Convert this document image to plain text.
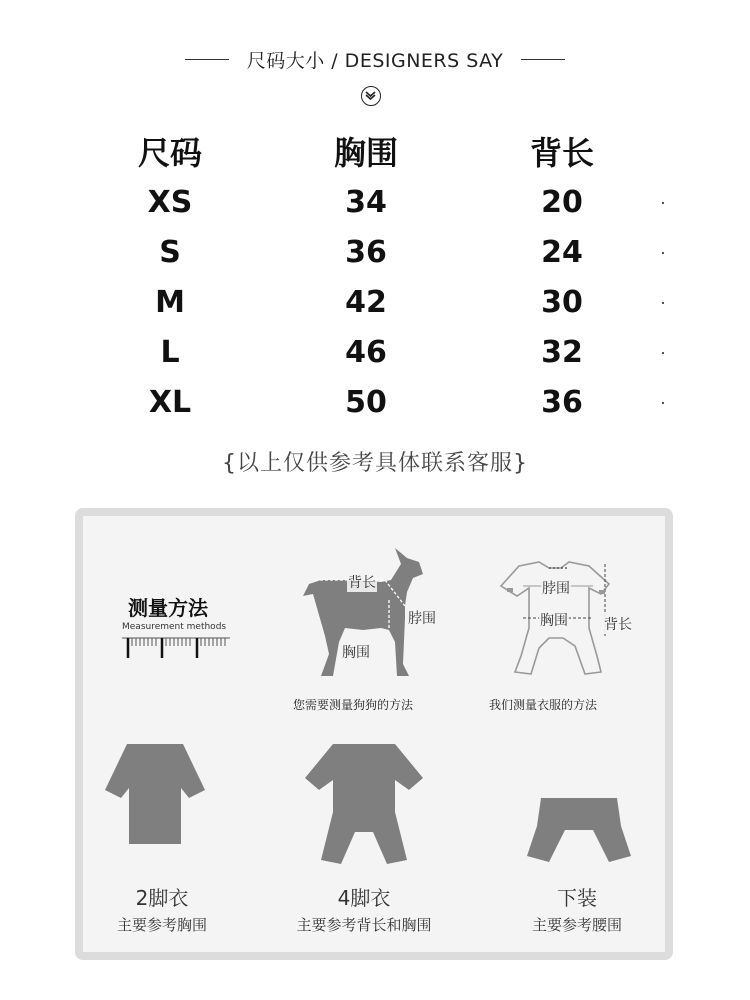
尺码大小 / DESIGNERS SAY
尺码	胸围	背长
XS	34	20
S	36	24
M	42	30
L	46	32
XL	50	36
{以上仅供参考具体联系客服}
测量方法
Measurement methods
背长
脖围
胸围
您需要测量狗狗的方法
脖围
胸围	背长
我们测量衣服的方法
2脚衣
主要参考胸围
4脚衣
主要参考背长和胸围
下装
主要参考腰围
